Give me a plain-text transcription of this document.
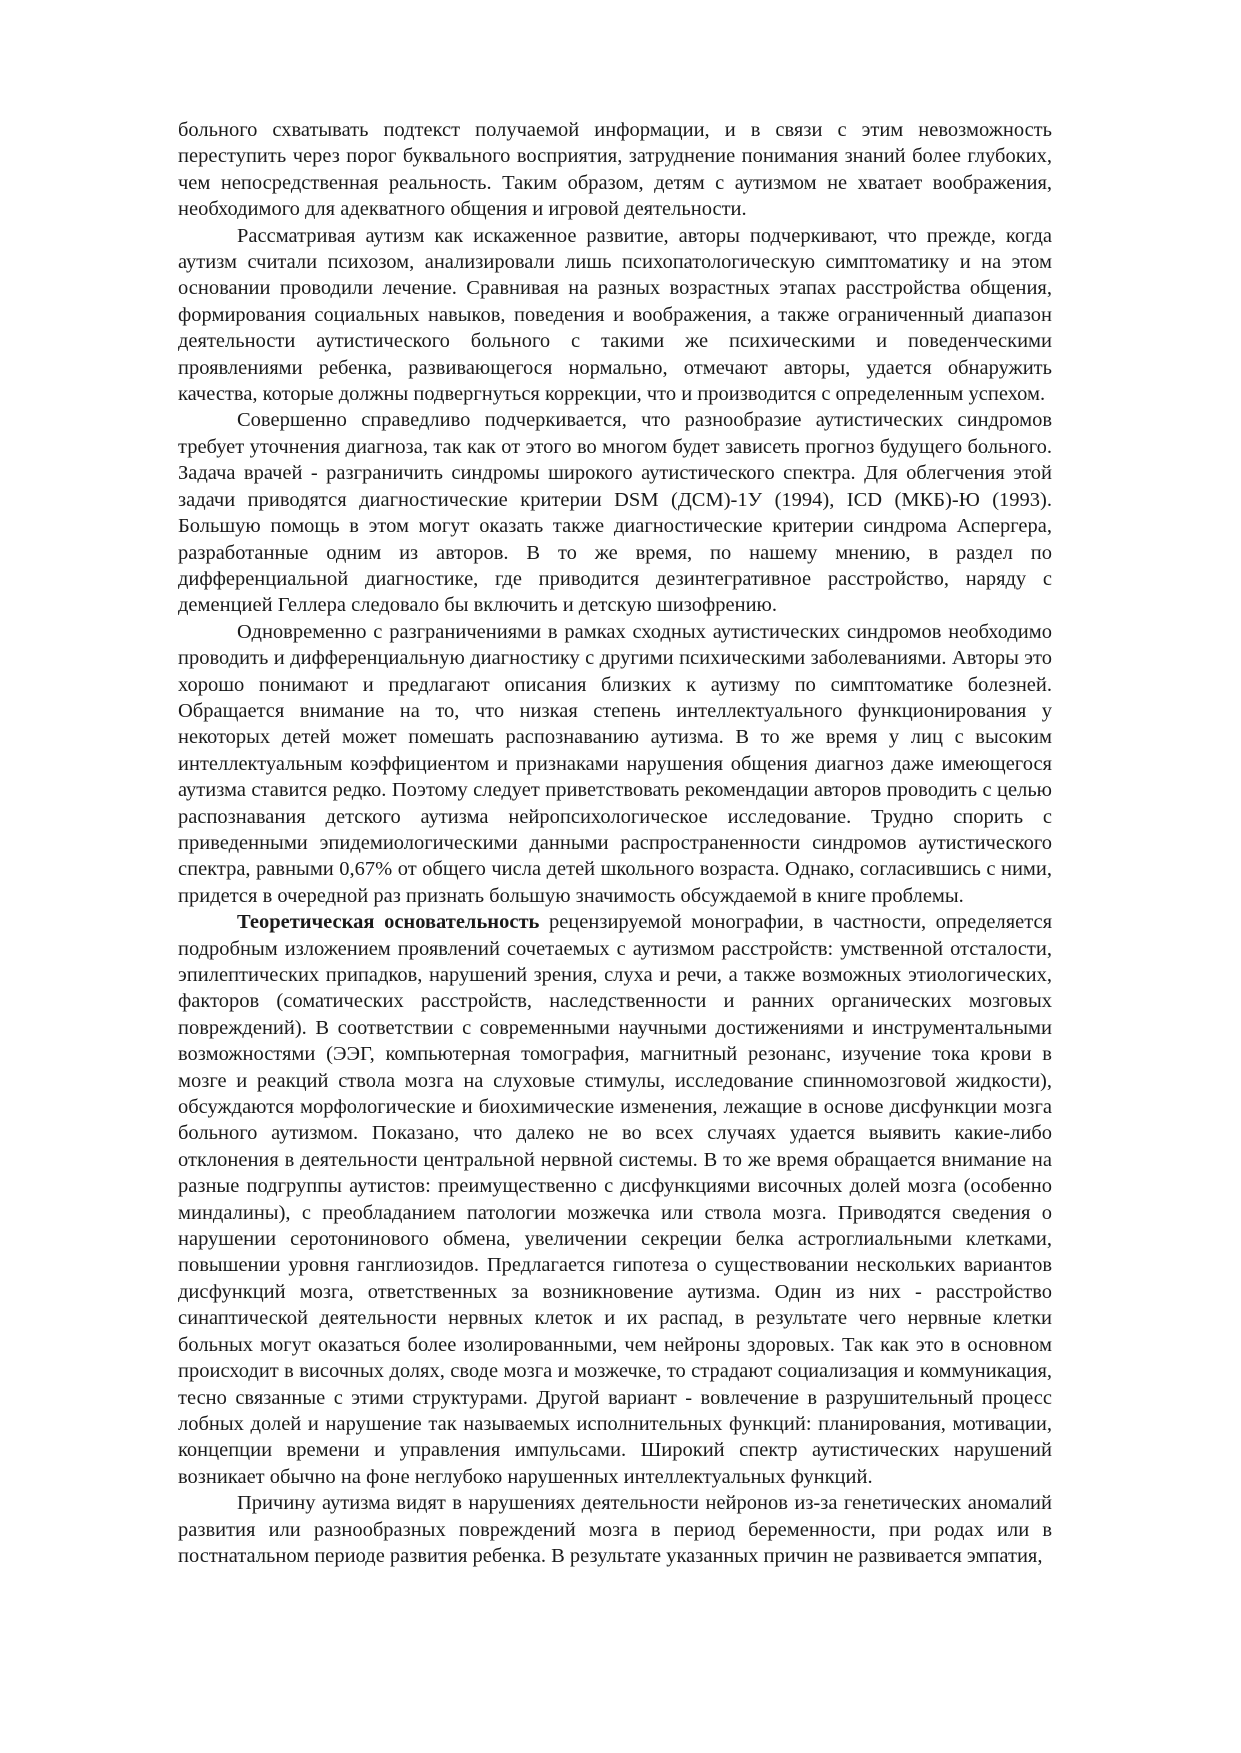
больного схватывать подтекст получаемой информации, и в связи с этим невозможность переступить через порог буквального восприятия, затруднение понимания знаний более глубоких, чем непосредственная реальность. Таким образом, детям с аутизмом не хватает воображения, необходимого для адекватного общения и игровой деятельности.

Рассматривая аутизм как искаженное развитие, авторы подчеркивают, что прежде, когда аутизм считали психозом, анализировали лишь психопатологическую симптоматику и на этом основании проводили лечение. Сравнивая на разных возрастных этапах расстройства общения, формирования социальных навыков, поведения и воображения, а также ограниченный диапазон деятельности аутистического больного с такими же психическими и поведенческими проявлениями ребенка, развивающегося нормально, отмечают авторы, удается обнаружить качества, которые должны подвергнуться коррекции, что и производится с определенным успехом.

Совершенно справедливо подчеркивается, что разнообразие аутистических синдромов требует уточнения диагноза, так как от этого во многом будет зависеть прогноз будущего больного. Задача врачей - разграничить синдромы широкого аутистического спектра. Для облегчения этой задачи приводятся диагностические критерии DSM (ДСМ)-1У (1994), ICD (МКБ)-Ю (1993). Большую помощь в этом могут оказать также диагностические критерии синдрома Аспергера, разработанные одним из авторов. В то же время, по нашему мнению, в раздел по дифференциальной диагностике, где приводится дезинтегративное расстройство, наряду с деменцией Геллера следовало бы включить и детскую шизофрению.

Одновременно с разграничениями в рамках сходных аутистических синдромов необходимо проводить и дифференциальную диагностику с другими психическими заболеваниями. Авторы это хорошо понимают и предлагают описания близких к аутизму по симптоматике болезней. Обращается внимание на то, что низкая степень интеллектуального функционирования у некоторых детей может помешать распознаванию аутизма. В то же время у лиц с высоким интеллектуальным коэффициентом и признаками нарушения общения диагноз даже имеющегося аутизма ставится редко. Поэтому следует приветствовать рекомендации авторов проводить с целью распознавания детского аутизма нейропсихологическое исследование. Трудно спорить с приведенными эпидемиологическими данными распространенности синдромов аутистического спектра, равными 0,67% от общего числа детей школьного возраста. Однако, согласившись с ними, придется в очередной раз признать большую значимость обсуждаемой в книге проблемы.

Теоретическая основательность рецензируемой монографии, в частности, определяется подробным изложением проявлений сочетаемых с аутизмом расстройств: умственной отсталости, эпилептических припадков, нарушений зрения, слуха и речи, а также возможных этиологических, факторов (соматических расстройств, наследственности и ранних органических мозговых повреждений). В соответствии с современными научными достижениями и инструментальными возможностями (ЭЭГ, компьютерная томография, магнитный резонанс, изучение тока крови в мозге и реакций ствола мозга на слуховые стимулы, исследование спинномозговой жидкости), обсуждаются морфологические и биохимические изменения, лежащие в основе дисфункции мозга больного аутизмом. Показано, что далеко не во всех случаях удается выявить какие-либо отклонения в деятельности центральной нервной системы. В то же время обращается внимание на разные подгруппы аутистов: преимущественно с дисфункциями височных долей мозга (особенно миндалины), с преобладанием патологии мозжечка или ствола мозга. Приводятся сведения о нарушении серотонинового обмена, увеличении секреции белка астроглиальными клетками, повышении уровня ганглиозидов. Предлагается гипотеза о существовании нескольких вариантов дисфункций мозга, ответственных за возникновение аутизма. Один из них - расстройство синаптической деятельности нервных клеток и их распад, в результате чего нервные клетки больных могут оказаться более изолированными, чем нейроны здоровых. Так как это в основном происходит в височных долях, своде мозга и мозжечке, то страдают социализация и коммуникация, тесно связанные с этими структурами. Другой вариант - вовлечение в разрушительный процесс лобных долей и нарушение так называемых исполнительных функций: планирования, мотивации, концепции времени и управления импульсами. Широкий спектр аутистических нарушений возникает обычно на фоне неглубоко нарушенных интеллектуальных функций.

Причину аутизма видят в нарушениях деятельности нейронов из-за генетических аномалий развития или разнообразных повреждений мозга в период беременности, при родах или в постнатальном периоде развития ребенка. В результате указанных причин не развивается эмпатия,
